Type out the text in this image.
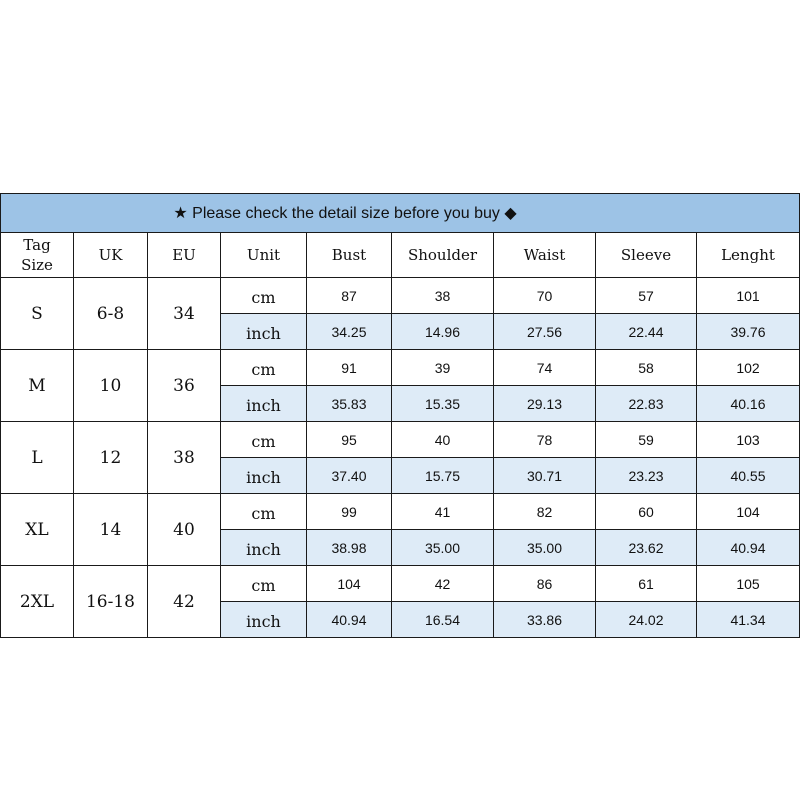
★ Please check the detail size before you buy ◆								

Tag Size	UK	EU	Unit	Bust	Shoulder	Waist	Sleeve	Lenght
S	6-8	34	cm	87	38	70	57	101
			inch	34.25	14.96	27.56	22.44	39.76
M	10	36	cm	91	39	74	58	102
			inch	35.83	15.35	29.13	22.83	40.16
L	12	38	cm	95	40	78	59	103
			inch	37.40	15.75	30.71	23.23	40.55
XL	14	40	cm	99	41	82	60	104
			inch	38.98	35.00	35.00	23.62	40.94
2XL	16-18	42	cm	104	42	86	61	105
			inch	40.94	16.54	33.86	24.02	41.34
